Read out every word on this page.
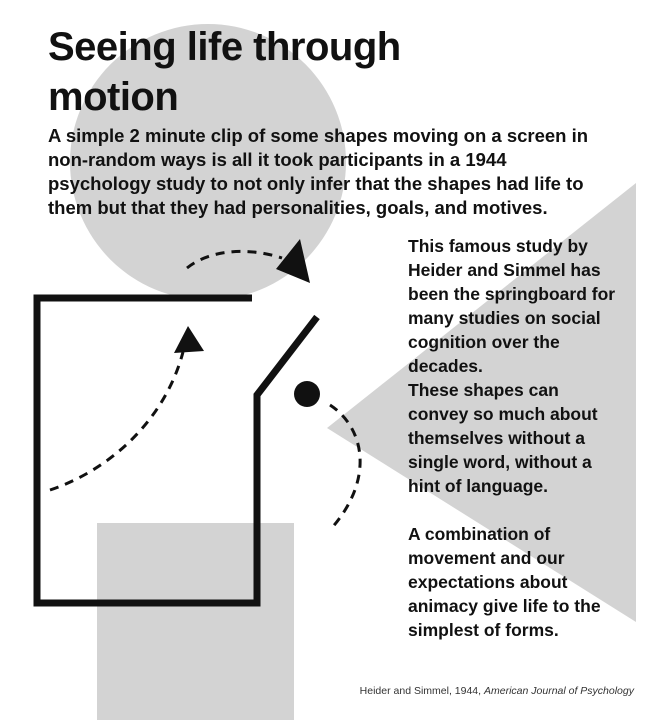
Seeing life through motion

A simple 2 minute clip of some shapes moving on a screen in non-random ways is all it took participants in a 1944 psychology study to not only infer that the shapes had life to them but that they had personalities, goals, and motives.

This famous study by Heider and Simmel has been the springboard for many studies on social cognition over the decades.

These shapes can convey so much about themselves without a single word, without a hint of language.

A combination of movement and our expectations about animacy give life to the simplest of forms.

Heider and Simmel, 1944, American Journal of Psychology
